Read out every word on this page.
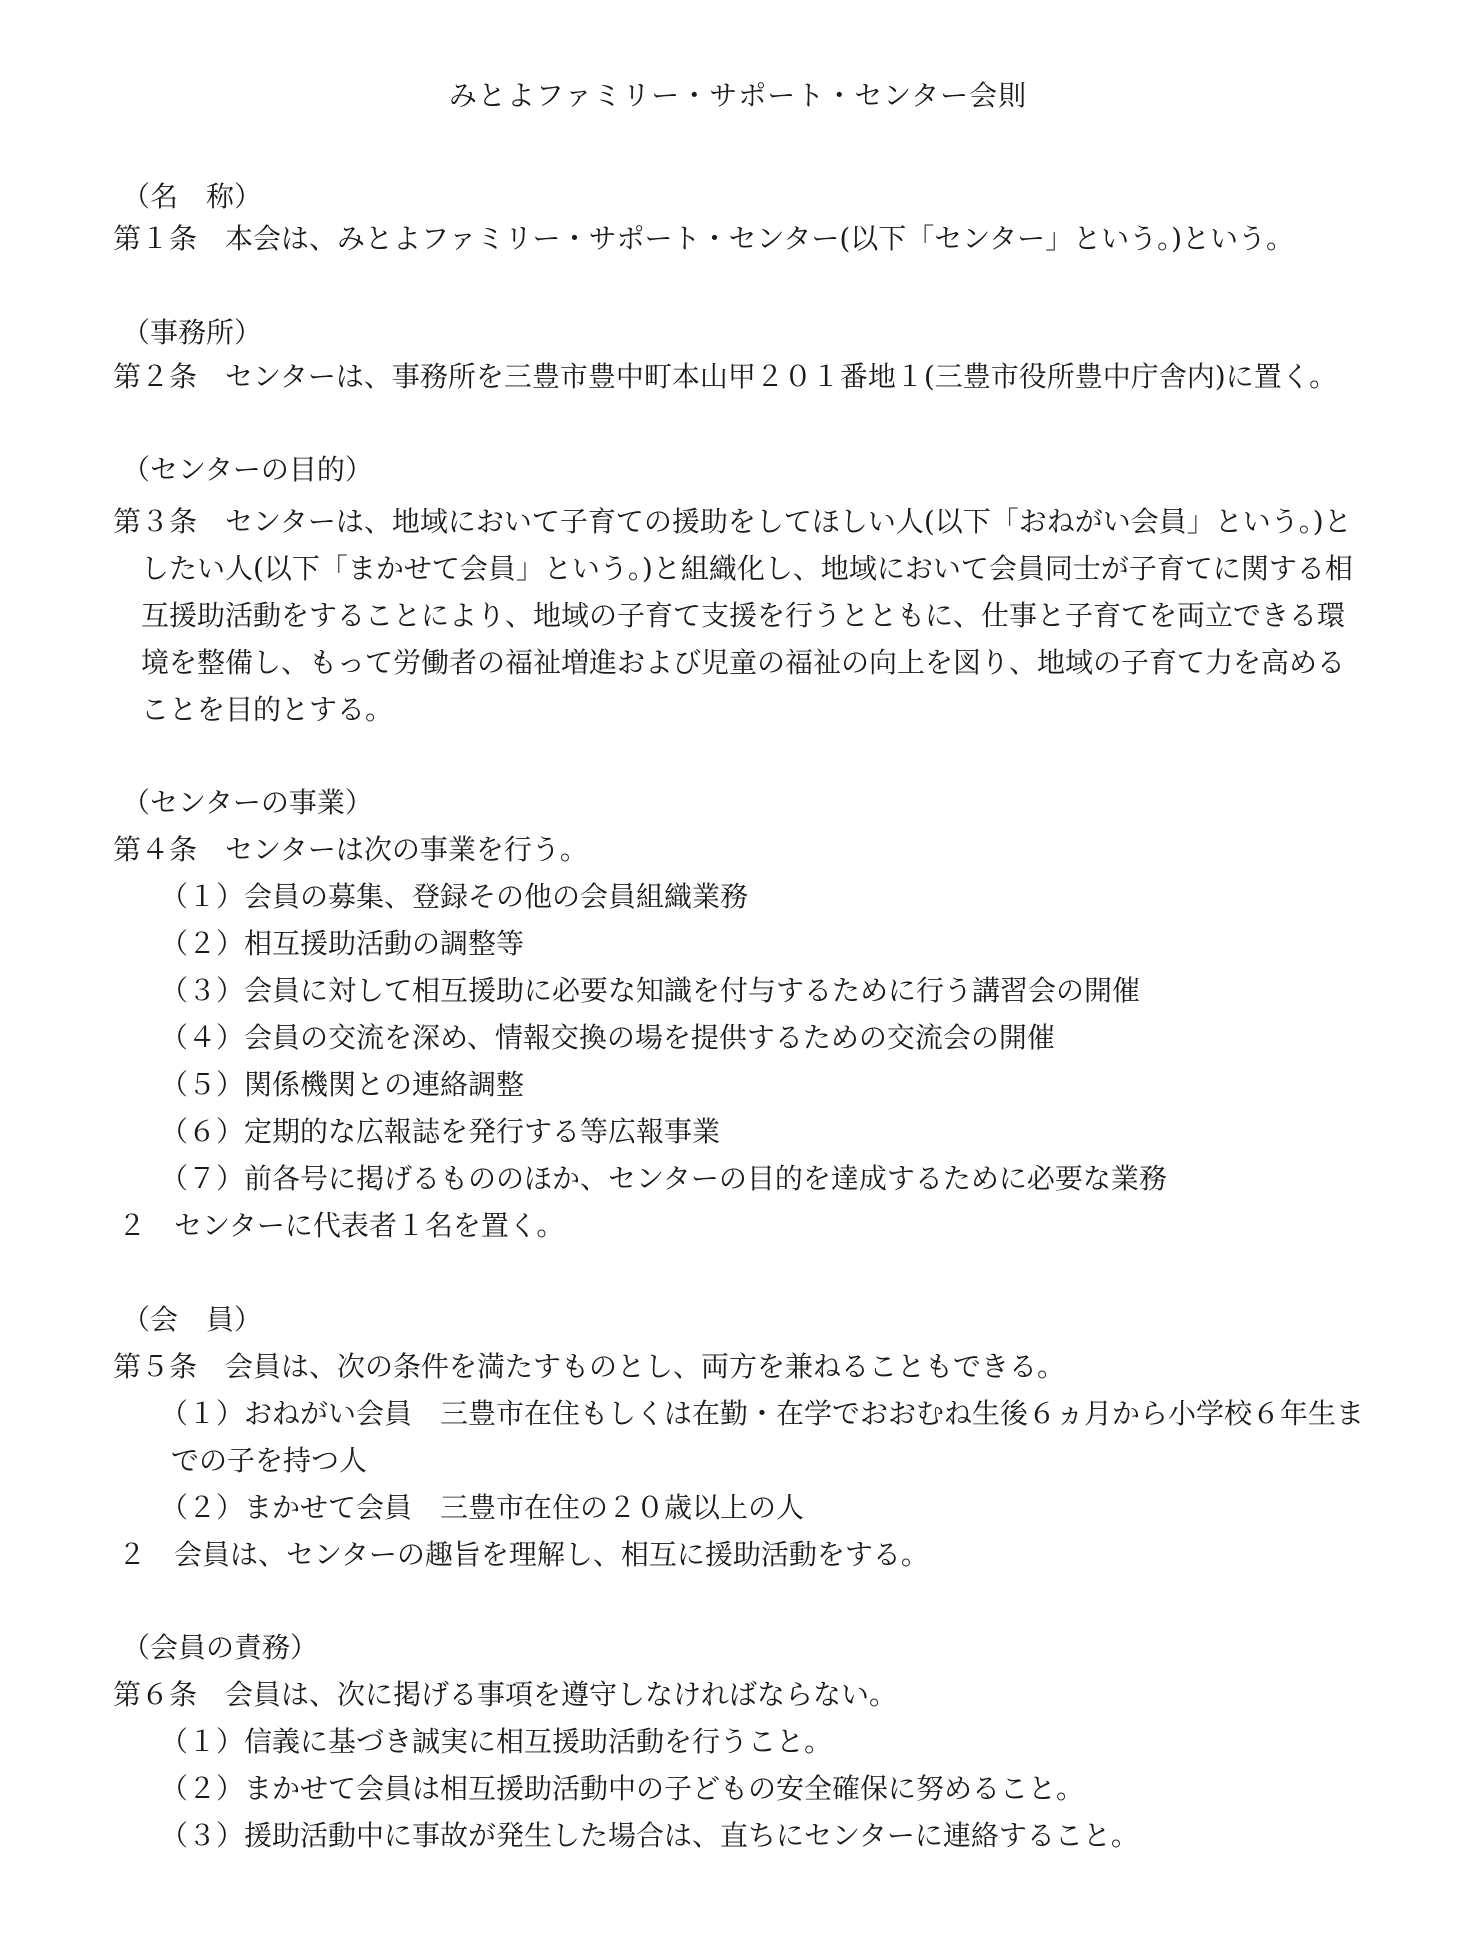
みとよファミリー・サポート・センター会則
（名　称）
第１条　本会は、みとよファミリー・サポート・センター(以下「センター」という。)という。
（事務所）
第２条　センターは、事務所を三豊市豊中町本山甲２０１番地１(三豊市役所豊中庁舎内)に置く。
（センターの目的）
第３条　センターは、地域において子育ての援助をしてほしい人(以下「おねがい会員」という。)と
したい人(以下「まかせて会員」という。)と組織化し、地域において会員同士が子育てに関する相
互援助活動をすることにより、地域の子育て支援を行うとともに、仕事と子育てを両立できる環
境を整備し、もって労働者の福祉増進および児童の福祉の向上を図り、地域の子育て力を高める
ことを目的とする。
（センターの事業）
第４条　センターは次の事業を行う。
（１）会員の募集、登録その他の会員組織業務
（２）相互援助活動の調整等
（３）会員に対して相互援助に必要な知識を付与するために行う講習会の開催
（４）会員の交流を深め、情報交換の場を提供するための交流会の開催
（５）関係機関との連絡調整
（６）定期的な広報誌を発行する等広報事業
（７）前各号に掲げるもののほか、センターの目的を達成するために必要な業務
２　センターに代表者１名を置く。
（会　員）
第５条　会員は、次の条件を満たすものとし、両方を兼ねることもできる。
（１）おねがい会員　三豊市在住もしくは在勤・在学でおおむね生後６ヵ月から小学校６年生ま
での子を持つ人
（２）まかせて会員　三豊市在住の２０歳以上の人
２　会員は、センターの趣旨を理解し、相互に援助活動をする。
（会員の責務）
第６条　会員は、次に掲げる事項を遵守しなければならない。
（１）信義に基づき誠実に相互援助活動を行うこと。
（２）まかせて会員は相互援助活動中の子どもの安全確保に努めること。
（３）援助活動中に事故が発生した場合は、直ちにセンターに連絡すること。
